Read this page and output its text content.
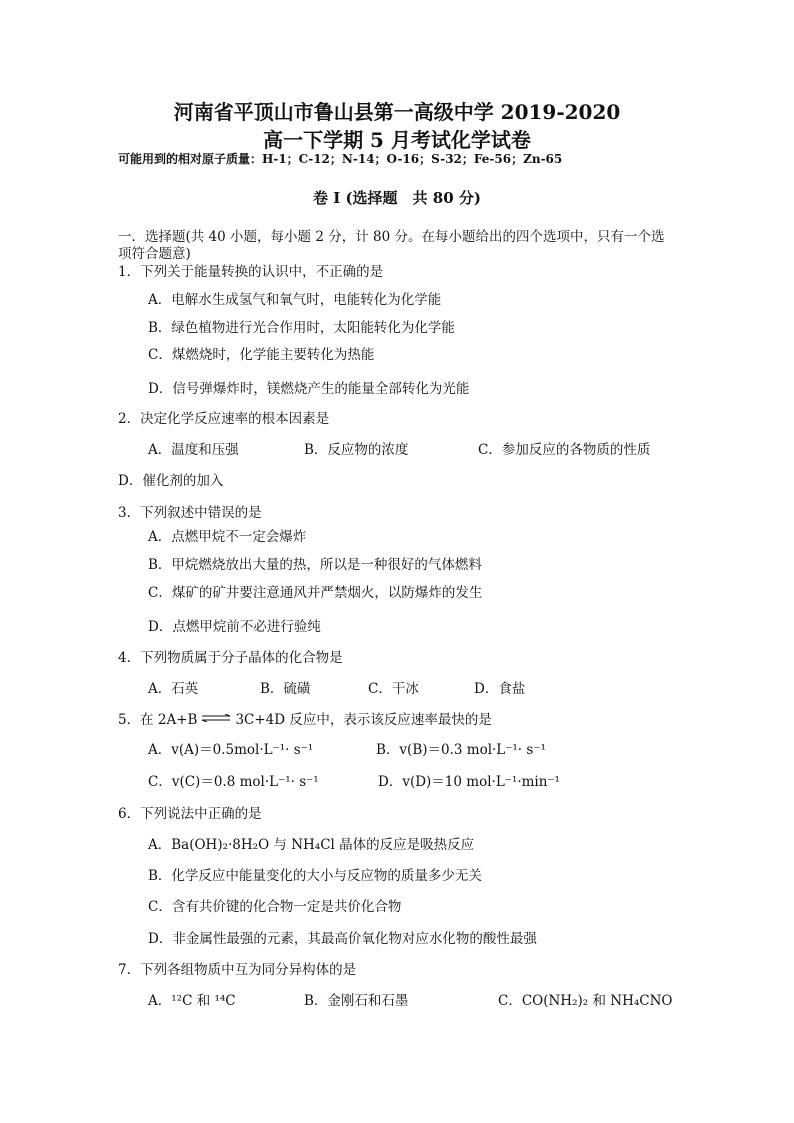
河南省平顶山市鲁山县第一高级中学 2019-2020
高一下学期 5 月考试化学试卷
可能用到的相对原子质量：H-1；C-12；N-14；O-16；S-32；Fe-56；Zn-65
卷 I (选择题　共 80 分)
一．选择题(共 40 小题，每小题 2 分，计 80 分。在每小题给出的四个选项中，只有一个选
项符合题意)
1．下列关于能量转换的认识中，不正确的是
A．电解水生成氢气和氧气时，电能转化为化学能
B．绿色植物进行光合作用时，太阳能转化为化学能
C．煤燃烧时，化学能主要转化为热能
D．信号弹爆炸时，镁燃烧产生的能量全部转化为光能
2．决定化学反应速率的根本因素是
A．温度和压强	B．反应物的浓度	C．参加反应的各物质的性质
D．催化剂的加入
3．下列叙述中错误的是
A．点燃甲烷不一定会爆炸
B．甲烷燃烧放出大量的热，所以是一种很好的气体燃料
C．煤矿的矿井要注意通风并严禁烟火，以防爆炸的发生
D．点燃甲烷前不必进行验纯
4．下列物质属于分子晶体的化合物是
A．石英	B．硫磺	C．干冰	D．食盐
5．在 2A+B ⇌ 3C+4D 反应中，表示该反应速率最快的是
A．v(A)＝0.5mol·L⁻¹· s⁻¹	B．v(B)＝0.3 mol·L⁻¹· s⁻¹
C．v(C)＝0.8 mol·L⁻¹· s⁻¹	D．v(D)＝10 mol·L⁻¹·min⁻¹
6．下列说法中正确的是
A．Ba(OH)₂·8H₂O 与 NH₄Cl 晶体的反应是吸热反应
B．化学反应中能量变化的大小与反应物的质量多少无关
C．含有共价键的化合物一定是共价化合物
D．非金属性最强的元素，其最高价氧化物对应水化物的酸性最强
7．下列各组物质中互为同分异构体的是
A．¹²C 和 ¹⁴C	B．金刚石和石墨	C．CO(NH₂)₂ 和 NH₄CNO
